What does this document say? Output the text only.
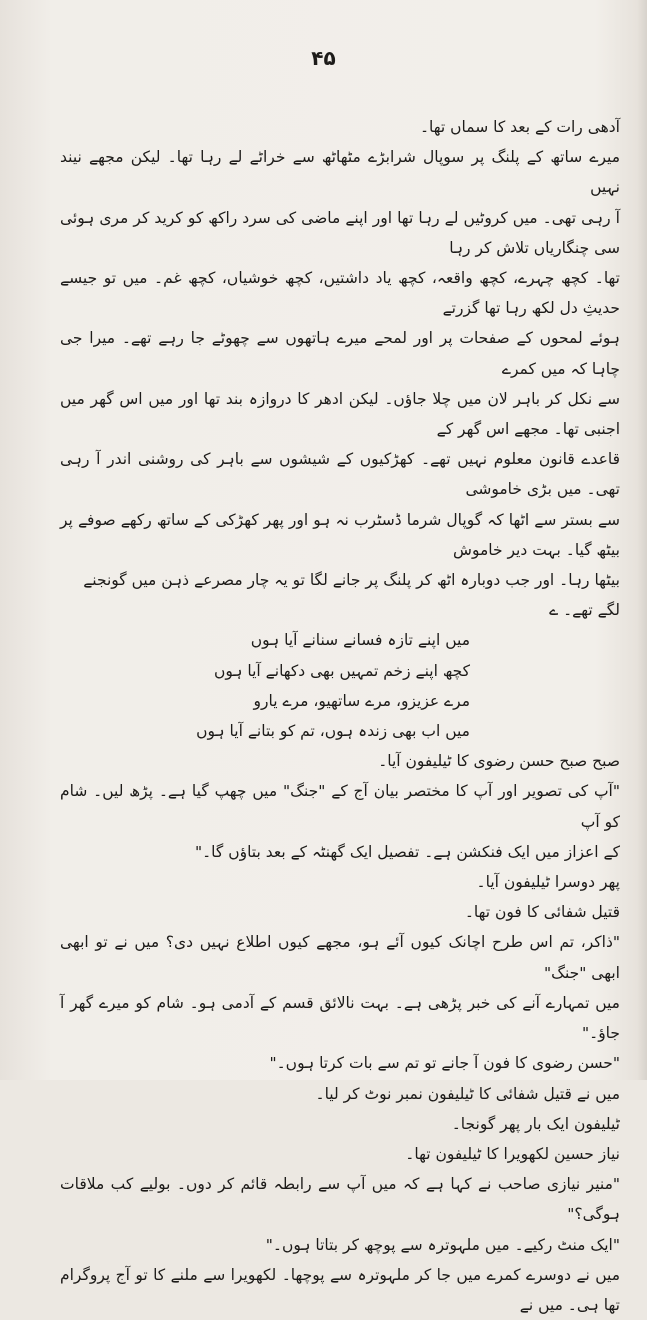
۴۵

آدھی رات کے بعد کا سماں تھا۔

میرے ساتھ کے پلنگ پر سوپال شرابڑے مٹھاٹھ سے خراٹے لے رہا تھا۔ لیکن مجھے نیند نہیں

آ رہی تھی۔ میں کروٹیں لے رہا تھا اور اپنے ماضی کی سرد راکھ کو کرید کر مری ہوئی سی چنگاریاں تلاش کر رہا

تھا۔ کچھ چہرے، کچھ واقعہ، کچھ یاد داشتیں، کچھ خوشیاں، کچھ غم۔ میں تو جیسے حدیثِ دل لکھ رہا تھا گزرتے

ہوئے لمحوں کے صفحات پر اور لمحے میرے ہاتھوں سے چھوٹے جا رہے تھے۔ میرا جی چاہا کہ میں کمرے

سے نکل کر باہر لان میں چلا جاؤں۔ لیکن ادھر کا دروازہ بند تھا اور میں اس گھر میں اجنبی تھا۔ مجھے اس گھر کے

قاعدے قانون معلوم نہیں تھے۔ کھڑکیوں کے شیشوں سے باہر کی روشنی اندر آ رہی تھی۔ میں بڑی خاموشی

سے بستر سے اٹھا کہ گوپال شرما ڈسٹرب نہ ہو اور پھر کھڑکی کے ساتھ رکھے صوفے پر بیٹھ گیا۔ بہت دیر خاموش

بیٹھا رہا۔ اور جب دوبارہ اٹھ کر پلنگ پر جانے لگا تو یہ چار مصرعے ذہن میں گونجنے لگے تھے۔ ے

میں اپنے تازہ فسانے سنانے آیا ہوں

کچھ اپنے زخم تمہیں بھی دکھانے آیا ہوں

مرے عزیزو، مرے ساتھیو، مرے یارو

میں اب بھی زندہ ہوں، تم کو بتانے آیا ہوں

صبح صبح حسن رضوی کا ٹیلیفون آیا۔

"آپ کی تصویر اور آپ کا مختصر بیان آج کے "جنگ" میں چھپ گیا ہے۔ پڑھ لیں۔ شام کو آپ

کے اعزاز میں ایک فنکشن ہے۔ تفصیل ایک گھنٹہ کے بعد بتاؤں گا۔"

پھر دوسرا ٹیلیفون آیا۔

قتیل شفائی کا فون تھا۔

"ذاکر، تم اس طرح اچانک کیوں آئے ہو، مجھے کیوں اطلاع نہیں دی؟ میں نے تو ابھی ابھی "جنگ"

میں تمہارے آنے کی خبر پڑھی ہے۔ بہت نالائق قسم کے آدمی ہو۔ شام کو میرے گھر آ جاؤ۔"

"حسن رضوی کا فون آ جانے تو تم سے بات کرتا ہوں۔"

میں نے قتیل شفائی کا ٹیلیفون نمبر نوٹ کر لیا۔

ٹیلیفون ایک بار پھر گونجا۔

نیاز حسین لکھویرا کا ٹیلیفون تھا۔

"منیر نیازی صاحب نے کہا ہے کہ میں آپ سے رابطہ قائم کر دوں۔ بولیے کب ملاقات ہوگی؟"

"ایک منٹ رکیے۔ میں ملہوترہ سے پوچھ کر بتاتا ہوں۔"

میں نے دوسرے کمرے میں جا کر ملہوترہ سے پوچھا۔ لکھویرا سے ملنے کا تو آج پروگرام تھا ہی۔ میں نے
